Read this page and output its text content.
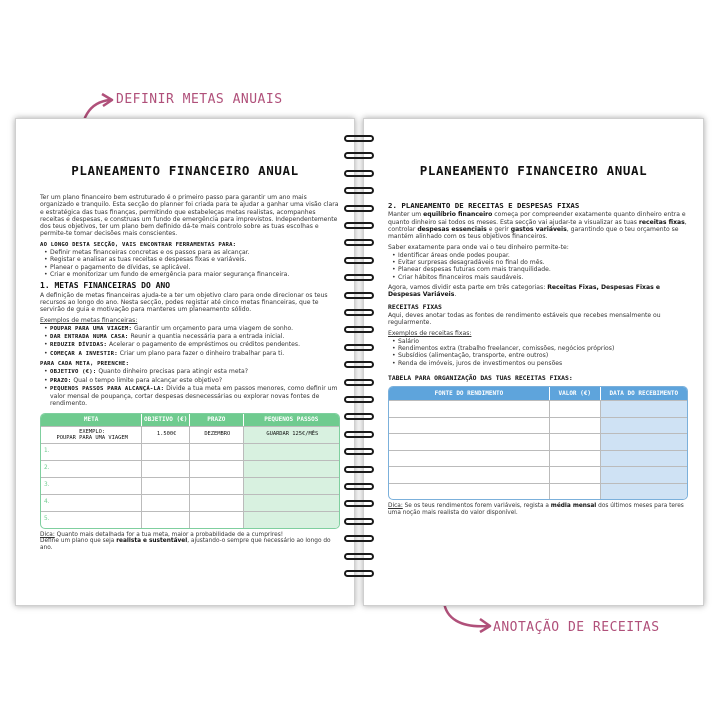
DEFINIR METAS ANUAIS
ANOTAÇÃO DE RECEITAS
PLANEAMENTO FINANCEIRO ANUAL

Ter um plano financeiro bem estruturado é o primeiro passo para garantir um ano mais organizado e tranquilo. Esta secção do planner foi criada para te ajudar a ganhar uma visão clara e estratégica das tuas finanças, permitindo que estabeleças metas realistas, acompanhes receitas e despesas, e construas um fundo de emergência para imprevistos. Independentemente dos teus objetivos, ter um plano bem definido dá-te mais controlo sobre as tuas escolhas e permite-te tomar decisões mais conscientes.

AO LONGO DESTA SECÇÃO, VAIS ENCONTRAR FERRAMENTAS PARA:
• Definir metas financeiras concretas e os passos para as alcançar.
• Registar e analisar as tuas receitas e despesas fixas e variáveis.
• Planear o pagamento de dívidas, se aplicável.
• Criar e monitorizar um fundo de emergência para maior segurança financeira.
1. METAS FINANCEIRAS DO ANO

A definição de metas financeiras ajuda-te a ter um objetivo claro para onde direcionar os teus recursos ao longo do ano. Nesta secção, podes registar até cinco metas financeiras, que te servirão de guia e motivação para manteres um planeamento sólido.

Exemplos de metas financeiras:
• POUPAR PARA UMA VIAGEM: Garantir um orçamento para uma viagem de sonho.
• DAR ENTRADA NUMA CASA: Reunir a quantia necessária para a entrada inicial.
• REDUZIR DÍVIDAS: Acelerar o pagamento de empréstimos ou créditos pendentes.
• COMEÇAR A INVESTIR: Criar um plano para fazer o dinheiro trabalhar para ti.
PARA CADA META, PREENCHE:
• OBJETIVO (€): Quanto dinheiro precisas para atingir esta meta?
• PRAZO: Qual o tempo limite para alcançar este objetivo?
• PEQUENOS PASSOS PARA ALCANÇÁ-LA: Divide a tua meta em passos menores, como definir um valor mensal de poupança, cortar despesas desnecessárias ou explorar novas fontes de rendimento.
META	OBJETIVO (€)	PRAZO	PEQUENOS PASSOS
EXEMPLO:
POUPAR PARA UMA VIAGEM	1.500€	DEZEMBRO	GUARDAR 125€/MÊS
1.			
2.			
3.			
4.			
5.			
Dica: Quanto mais detalhada for a tua meta, maior a probabilidade de a cumprires!
Define um plano que seja realista e sustentável, ajustando-o sempre que necessário ao longo do ano.
PLANEAMENTO FINANCEIRO ANUAL
2. PLANEAMENTO DE RECEITAS E DESPESAS FIXAS

Manter um equilíbrio financeiro começa por compreender exatamente quanto dinheiro entra e quanto dinheiro sai todos os meses. Esta secção vai ajudar-te a visualizar as tuas receitas fixas, controlar despesas essenciais e gerir gastos variáveis, garantindo que o teu orçamento se mantém alinhado com os teus objetivos financeiros.

Saber exatamente para onde vai o teu dinheiro permite-te:
• Identificar áreas onde podes poupar.
• Evitar surpresas desagradáveis no final do mês.
• Planear despesas futuras com mais tranquilidade.
• Criar hábitos financeiros mais saudáveis.

Agora, vamos dividir esta parte em três categorias: Receitas Fixas, Despesas Fixas e Despesas Variáveis.

RECEITAS FIXAS

Aqui, deves anotar todas as fontes de rendimento estáveis que recebes mensalmente ou regularmente.

Exemplos de receitas fixas:
• Salário
• Rendimentos extra (trabalho freelancer, comissões, negócios próprios)
• Subsídios (alimentação, transporte, entre outros)
• Renda de imóveis, juros de investimentos ou pensões
TABELA PARA ORGANIZAÇÃO DAS TUAS RECEITAS FIXAS:
FONTE DO RENDIMENTO	VALOR (€)	DATA DO RECEBIMENTO

Dica: Se os teus rendimentos forem variáveis, regista a média mensal dos últimos meses para teres uma noção mais realista do valor disponível.
